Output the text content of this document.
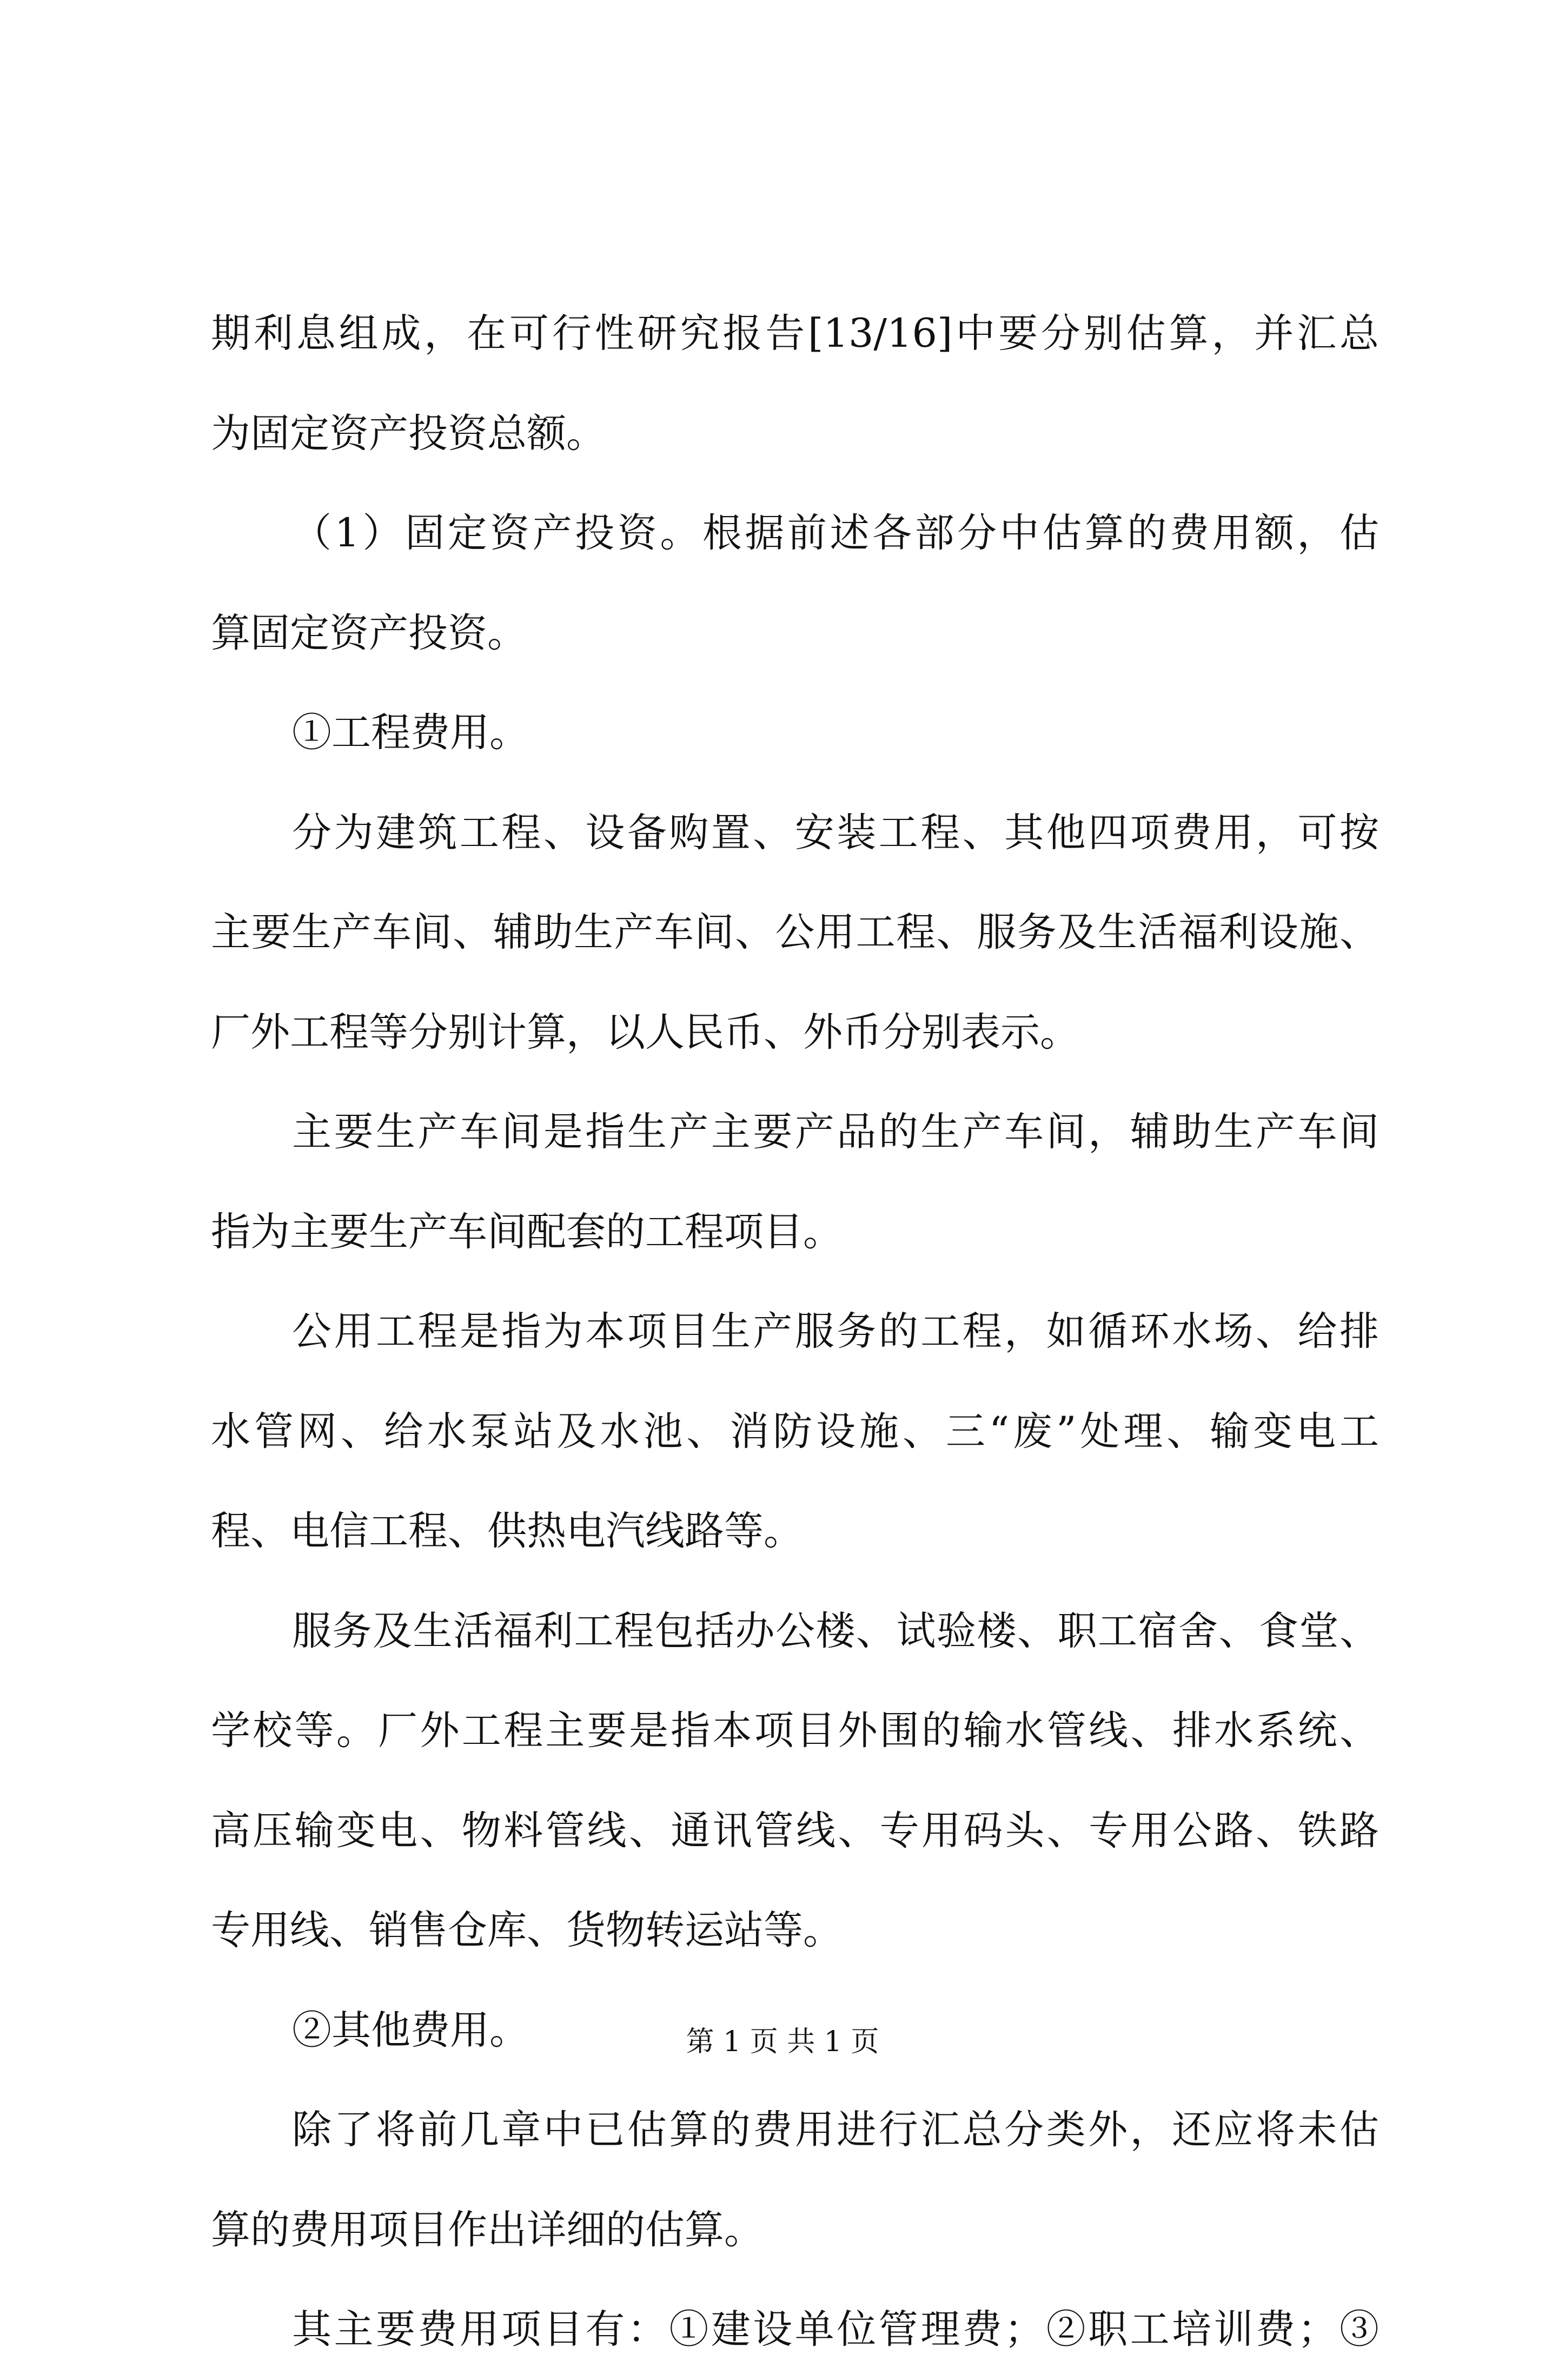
期利息组成，在可行性研究报告[13/16]中要分别估算，并汇总
为固定资产投资总额。
（1）固定资产投资。根据前述各部分中估算的费用额，估
算固定资产投资。
①工程费用。
分为建筑工程、设备购置、安装工程、其他四项费用，可按
主要生产车间、辅助生产车间、公用工程、服务及生活福利设施、
厂外工程等分别计算，以人民币、外币分别表示。
主要生产车间是指生产主要产品的生产车间，辅助生产车间
指为主要生产车间配套的工程项目。
公用工程是指为本项目生产服务的工程，如循环水场、给排
水管网、给水泵站及水池、消防设施、三“废”处理、输变电工
程、电信工程、供热电汽线路等。
服务及生活福利工程包括办公楼、试验楼、职工宿舍、食堂、
学校等。厂外工程主要是指本项目外围的输水管线、排水系统、
高压输变电、物料管线、通讯管线、专用码头、专用公路、铁路
专用线、销售仓库、货物转运站等。
②其他费用。
除了将前几章中已估算的费用进行汇总分类外，还应将未估
算的费用项目作出详细的估算。
其主要费用项目有：①建设单位管理费；②职工培训费；③
第 1 页 共 1 页
